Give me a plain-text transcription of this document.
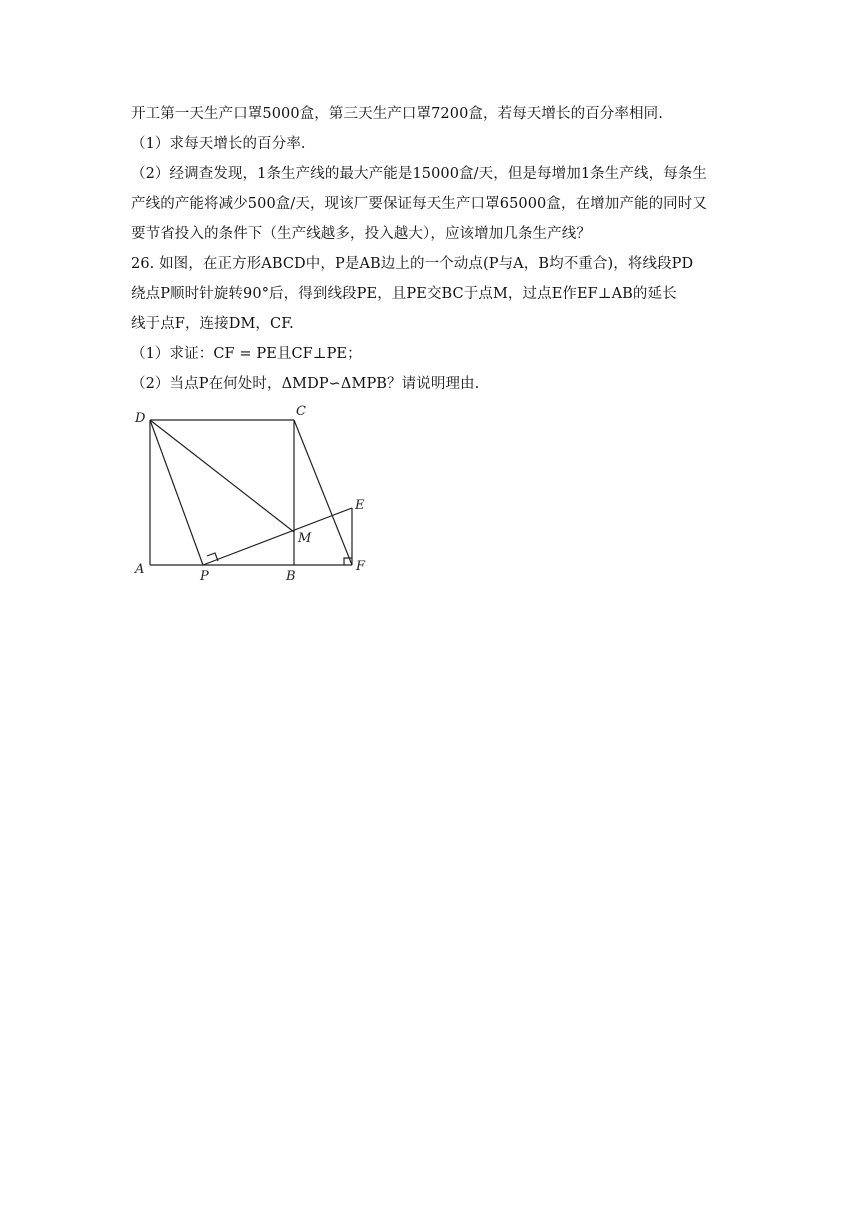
开工第一天生产口罩5000盒，第三天生产口罩7200盒，若每天增长的百分率相同.
（1）求每天增长的百分率.
（2）经调查发现，1条生产线的最大产能是15000盒/天，但是每增加1条生产线，每条生
产线的产能将减少500盒/天，现该厂要保证每天生产口罩65000盒，在增加产能的同时又
要节省投入的条件下（生产线越多，投入越大），应该增加几条生产线？
26. 如图，在正方形ABCD中，P是AB边上的一个动点(P与A，B均不重合)，将线段PD
绕点P顺时针旋转90°后，得到线段PE，且PE交BC于点M，过点E作EF⊥AB的延长
线于点F，连接DM，CF.
（1）求证：CF = PE且CF⊥PE；
（2）当点P在何处时，ΔMDP∽ΔMPB？请说明理由.
D	C
E
M
A	P	B
F
